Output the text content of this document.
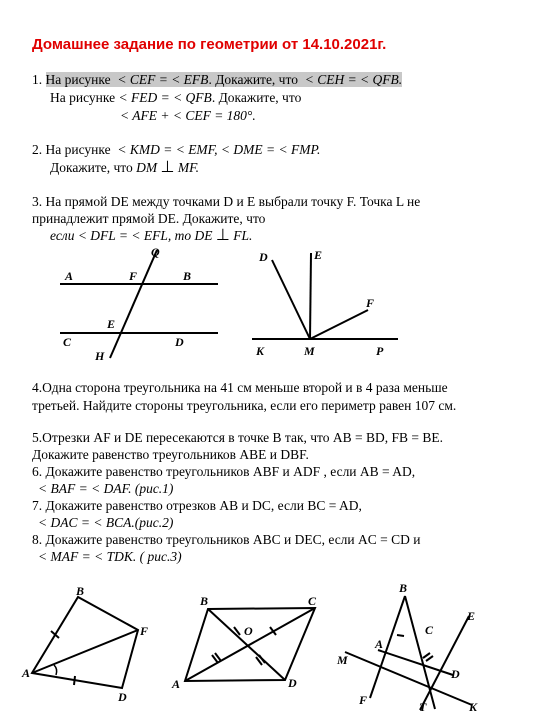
Домашнее задание по геометрии от 14.10.2021г.
1. На рисунке < CEF = < EFB. Докажите, что < CEH = < QFB.
На рисунке < FED = < QFB. Докажите, что
< AFE + < CEF = 180°.
2. На рисунке < KMD = < EMF, < DME = < FMP.
Докажите, что DM ⊥ MF.
3. На прямой DE между точками D и E выбрали точку F. Точка L не
принадлежит прямой DE. Докажите, что
если < DFL = < EFL, то DE ⊥ FL.
A	F
Q
B
E
C	D
H
D	E
F
K	M	P
4.Одна сторона треугольника на 41 см меньше второй и в 4 раза меньше
третьей. Найдите стороны треугольника, если его периметр равен 107 см.
5.Отрезки AF и DE пересекаются в точке B так, что AB = BD, FB = BE.
Докажите равенство треугольников ABE и DBF.
6. Докажите равенство треугольников ABF и ADF , если AB = AD,
< BAF = < DAF. (рис.1)
7. Докажите равенство отрезков AB и DC, если BC = AD,
< DAC = < BCA.(рис.2)
8. Докажите равенство треугольников ABC и DEC, если AC = CD и
< MAF = < TDK. ( рис.3)
B
F
A
D
B	C
O
A	D
B
E
M
A
C
D
F	T	K
